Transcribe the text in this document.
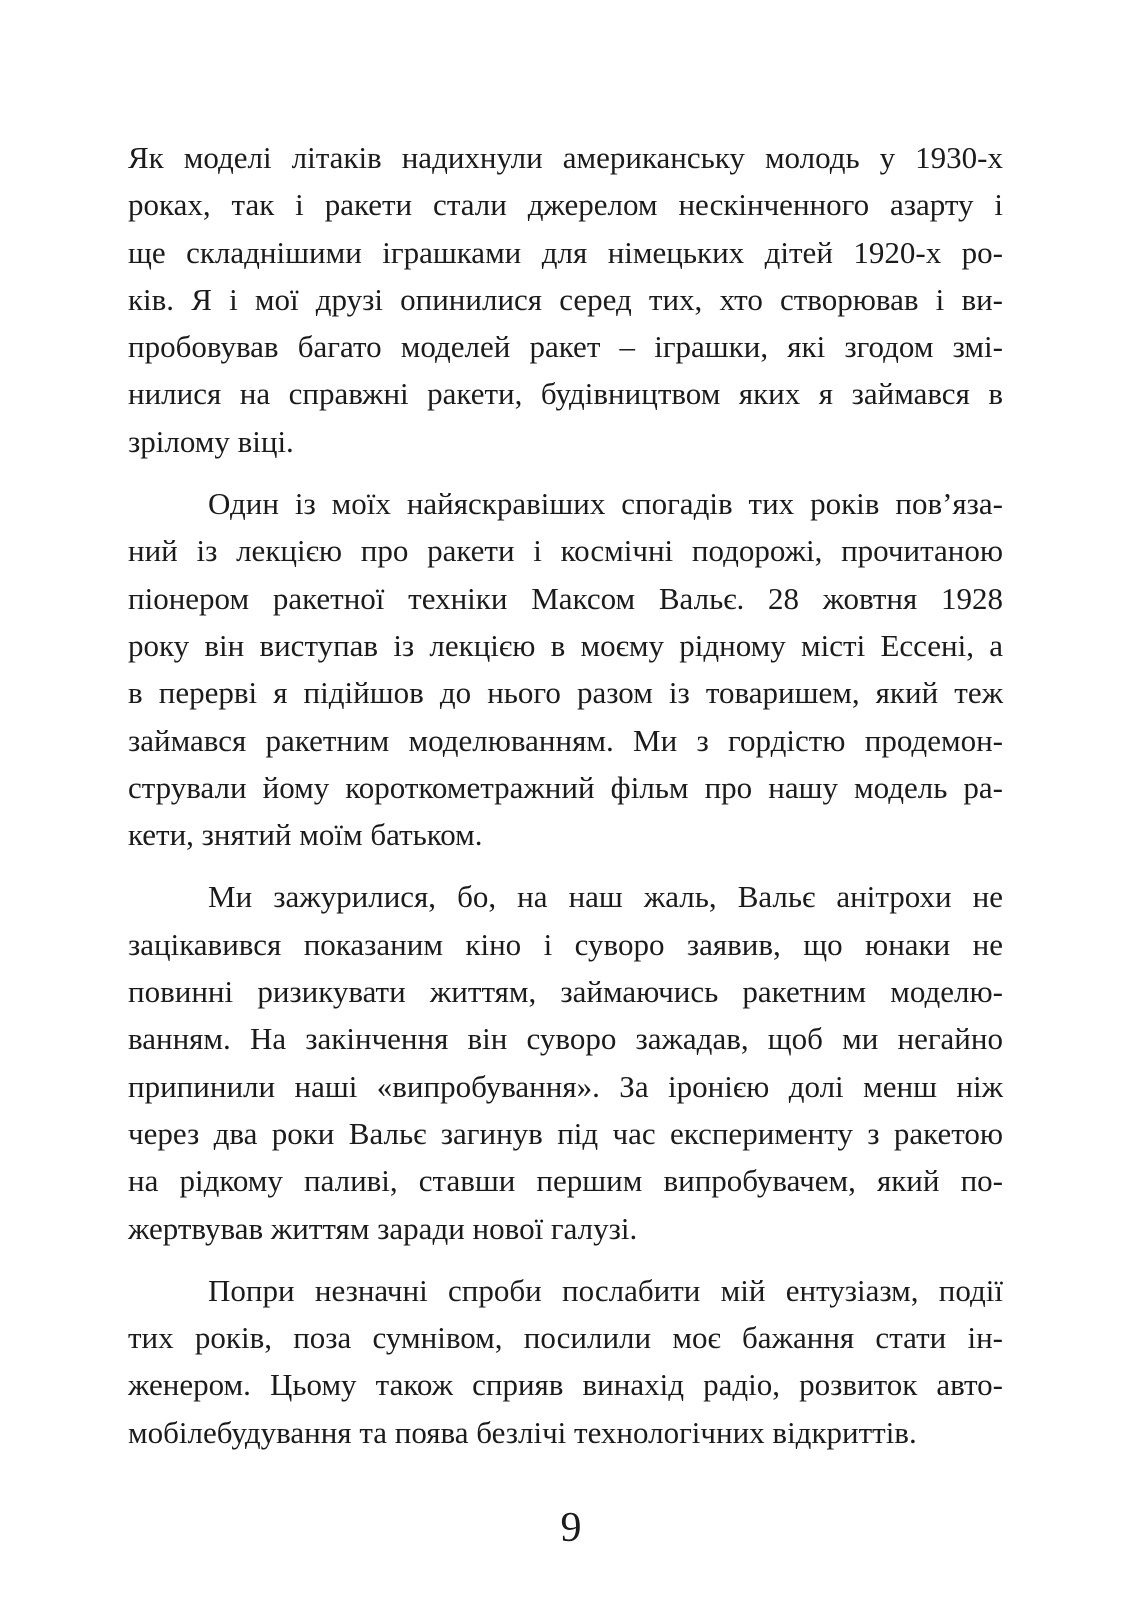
Як моделі літаків надихнули американську молодь у 1930-х
роках, так і ракети стали джерелом нескінченного азарту і
ще складнішими іграшками для німецьких дітей 1920-х ро-
ків. Я і мої друзі опинилися серед тих, хто створював і ви-
пробовував багато моделей ракет – іграшки, які згодом змі-
нилися на справжні ракети, будівництвом яких я займався в
зрілому віці.
Один із моїх найяскравіших спогадів тих років пов’яза-
ний із лекцією про ракети і космічні подорожі, прочитаною
піонером ракетної техніки Максом Вальє. 28 жовтня 1928
року він виступав із лекцією в моєму рідному місті Ессені, а
в перерві я підійшов до нього разом із товаришем, який теж
займався ракетним моделюванням. Ми з гордістю продемон-
стрували йому короткометражний фільм про нашу модель ра-
кети, знятий моїм батьком.
Ми зажурилися, бо, на наш жаль, Вальє анітрохи не
зацікавився показаним кіно і суворо заявив, що юнаки не
повинні ризикувати життям, займаючись ракетним моделю-
ванням. На закінчення він суворо зажадав, щоб ми негайно
припинили наші «випробування». За іронією долі менш ніж
через два роки Вальє загинув під час експерименту з ракетою
на рідкому паливі, ставши першим випробувачем, який по-
жертвував життям заради нової галузі.
Попри незначні спроби послабити мій ентузіазм, події
тих років, поза сумнівом, посилили моє бажання стати ін-
женером. Цьому також сприяв винахід радіо, розвиток авто-
мобілебудування та поява безлічі технологічних відкриттів.
9
